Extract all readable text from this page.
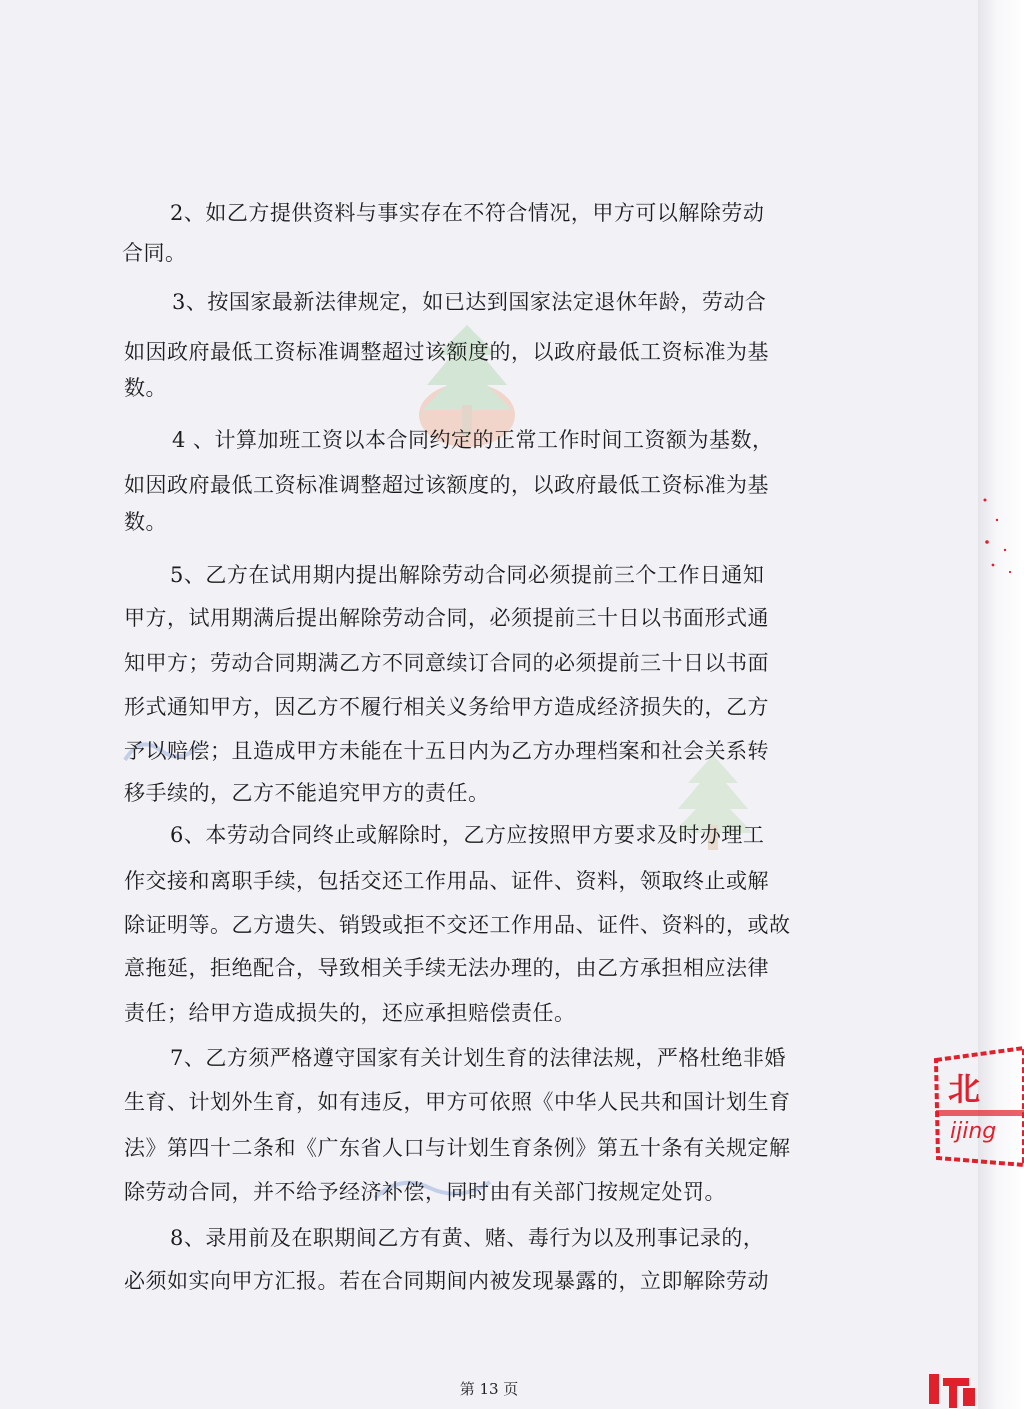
2、如乙方提供资料与事实存在不符合情况，甲方可以解除劳动
合同。
3、按国家最新法律规定，如已达到国家法定退休年龄，劳动合
如因政府最低工资标准调整超过该额度的，以政府最低工资标准为基
数。
4 、计算加班工资以本合同约定的正常工作时间工资额为基数，
如因政府最低工资标准调整超过该额度的，以政府最低工资标准为基
数。
5、乙方在试用期内提出解除劳动合同必须提前三个工作日通知
甲方，试用期满后提出解除劳动合同，必须提前三十日以书面形式通
知甲方；劳动合同期满乙方不同意续订合同的必须提前三十日以书面
形式通知甲方，因乙方不履行相关义务给甲方造成经济损失的，乙方
予以赔偿；且造成甲方未能在十五日内为乙方办理档案和社会关系转
移手续的，乙方不能追究甲方的责任。
6、本劳动合同终止或解除时，乙方应按照甲方要求及时办理工
作交接和离职手续，包括交还工作用品、证件、资料，领取终止或解
除证明等。乙方遗失、销毁或拒不交还工作用品、证件、资料的，或故
意拖延，拒绝配合，导致相关手续无法办理的，由乙方承担相应法律
责任；给甲方造成损失的，还应承担赔偿责任。
7、乙方须严格遵守国家有关计划生育的法律法规，严格杜绝非婚
生育、计划外生育，如有违反，甲方可依照《中华人民共和国计划生育
法》第四十二条和《广东省人口与计划生育条例》第五十条有关规定解
除劳动合同，并不给予经济补偿，同时由有关部门按规定处罚。
8、录用前及在职期间乙方有黄、赌、毒行为以及刑事记录的，
必须如实向甲方汇报。若在合同期间内被发现暴露的，立即解除劳动
第 13 页
北
ijing
